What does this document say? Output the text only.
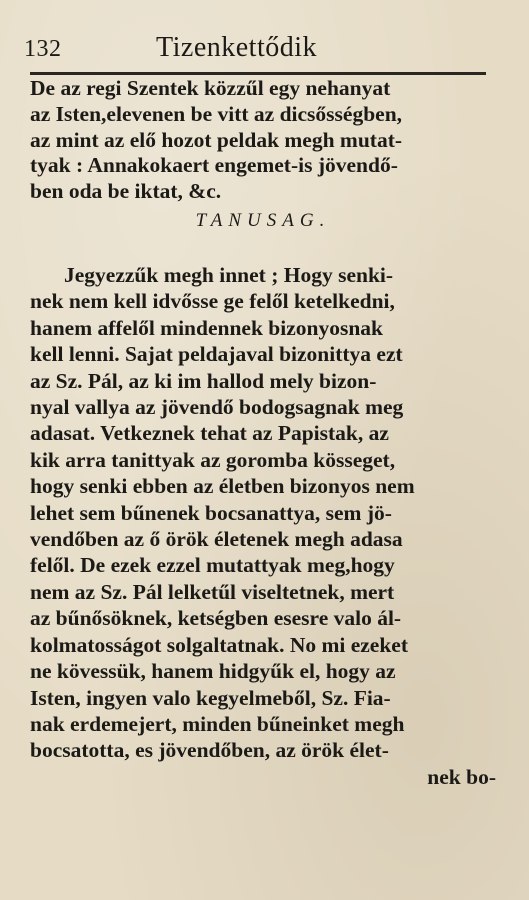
132	Tizenkettődik
De az regi Szentek közzűl egy nehanyat
az Isten,elevenen be vitt az dicsősségben,
az mint az elő hozot peldak megh mutat-
tyak : Annakokaert engemet-is jövendő-
ben oda be iktat, &c.
TANUSAG.
Jegyezzűk megh innet ; Hogy senki-
nek nem kell idvősse ge felől ketelkedni,
hanem affelől mindennek bizonyosnak
kell lenni. Sajat peldajaval bizonittya ezt
az Sz. Pál, az ki im hallod mely bizon-
nyal vallya az jövendő bodogsagnak meg
adasat. Vetkeznek tehat az Papistak, az
kik arra tanittyak az goromba kösseget,
hogy senki ebben az életben bizonyos nem
lehet sem bűnenek bocsanattya, sem jö-
vendőben az ő örök életenek megh adasa
felől. De ezek ezzel mutattyak meg,hogy
nem az Sz. Pál lelketűl viseltetnek, mert
az bűnősöknek, ketségben esesre valo ál-
kolmatosságot solgaltatnak. No mi ezeket
ne kövessük, hanem hidgyűk el, hogy az
Isten, ingyen valo kegyelmeből, Sz. Fia-
nak erdemejert, minden bűneinket megh
bocsatotta, es jövendőben, az örök élet-
nek bo-
